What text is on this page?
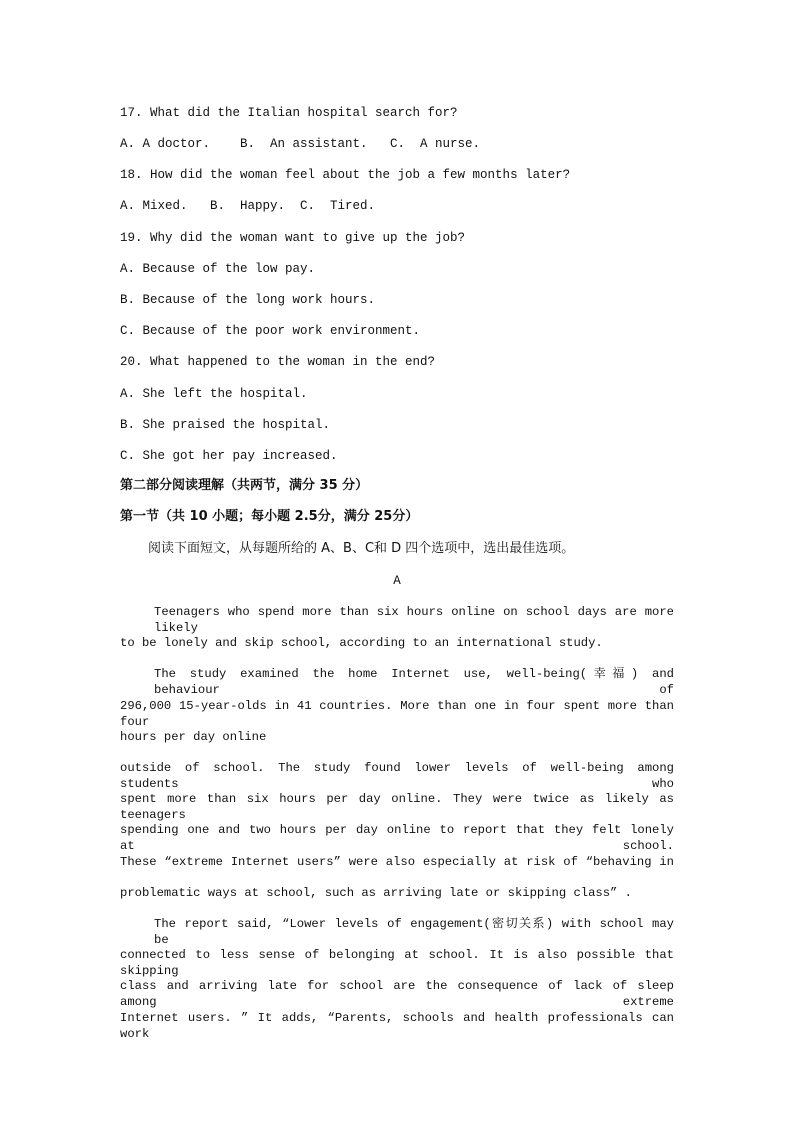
17. What did the Italian hospital search for?
A. A doctor.    B.  An assistant.   C.  A nurse.
18. How did the woman feel about the job a few months later?
A. Mixed.   B.  Happy.  C.  Tired.
19. Why did the woman want to give up the job?
A. Because of the low pay.
B. Because of the long work hours.
C. Because of the poor work environment.
20. What happened to the woman in the end?
A. She left the hospital.
B. She praised the hospital.
C. She got her pay increased.
第二部分阅读理解（共两节，满分 35 分）
第一节（共 10 小题；每小题 2.5分，满分 25分）
阅读下面短文，从每题所给的 A、B、C和 D 四个选项中，选出最佳选项。
A
Teenagers who spend more than six hours online on school days are more likely
to be lonely and skip school, according to an international study.
The study examined the home Internet use, well-being(幸福) and behaviour of
296,000 15-year-olds in 41 countries. More than one in four spent more than four
hours per day online
outside of school. The study found lower levels of well-being among students who
spent more than six hours per day online. They were twice as likely as teenagers
spending one and two hours per day online to report that they felt lonely at school.
These “extreme Internet users” were also especially at risk of “behaving in
problematic ways at school, such as arriving late or skipping class” .
The report said, “Lower levels of engagement(密切关系) with school may be
connected to less sense of belonging at school. It is also possible that skipping
class and arriving late for school are the consequence of lack of sleep among extreme
Internet users. ” It adds, “Parents, schools and health professionals can work
